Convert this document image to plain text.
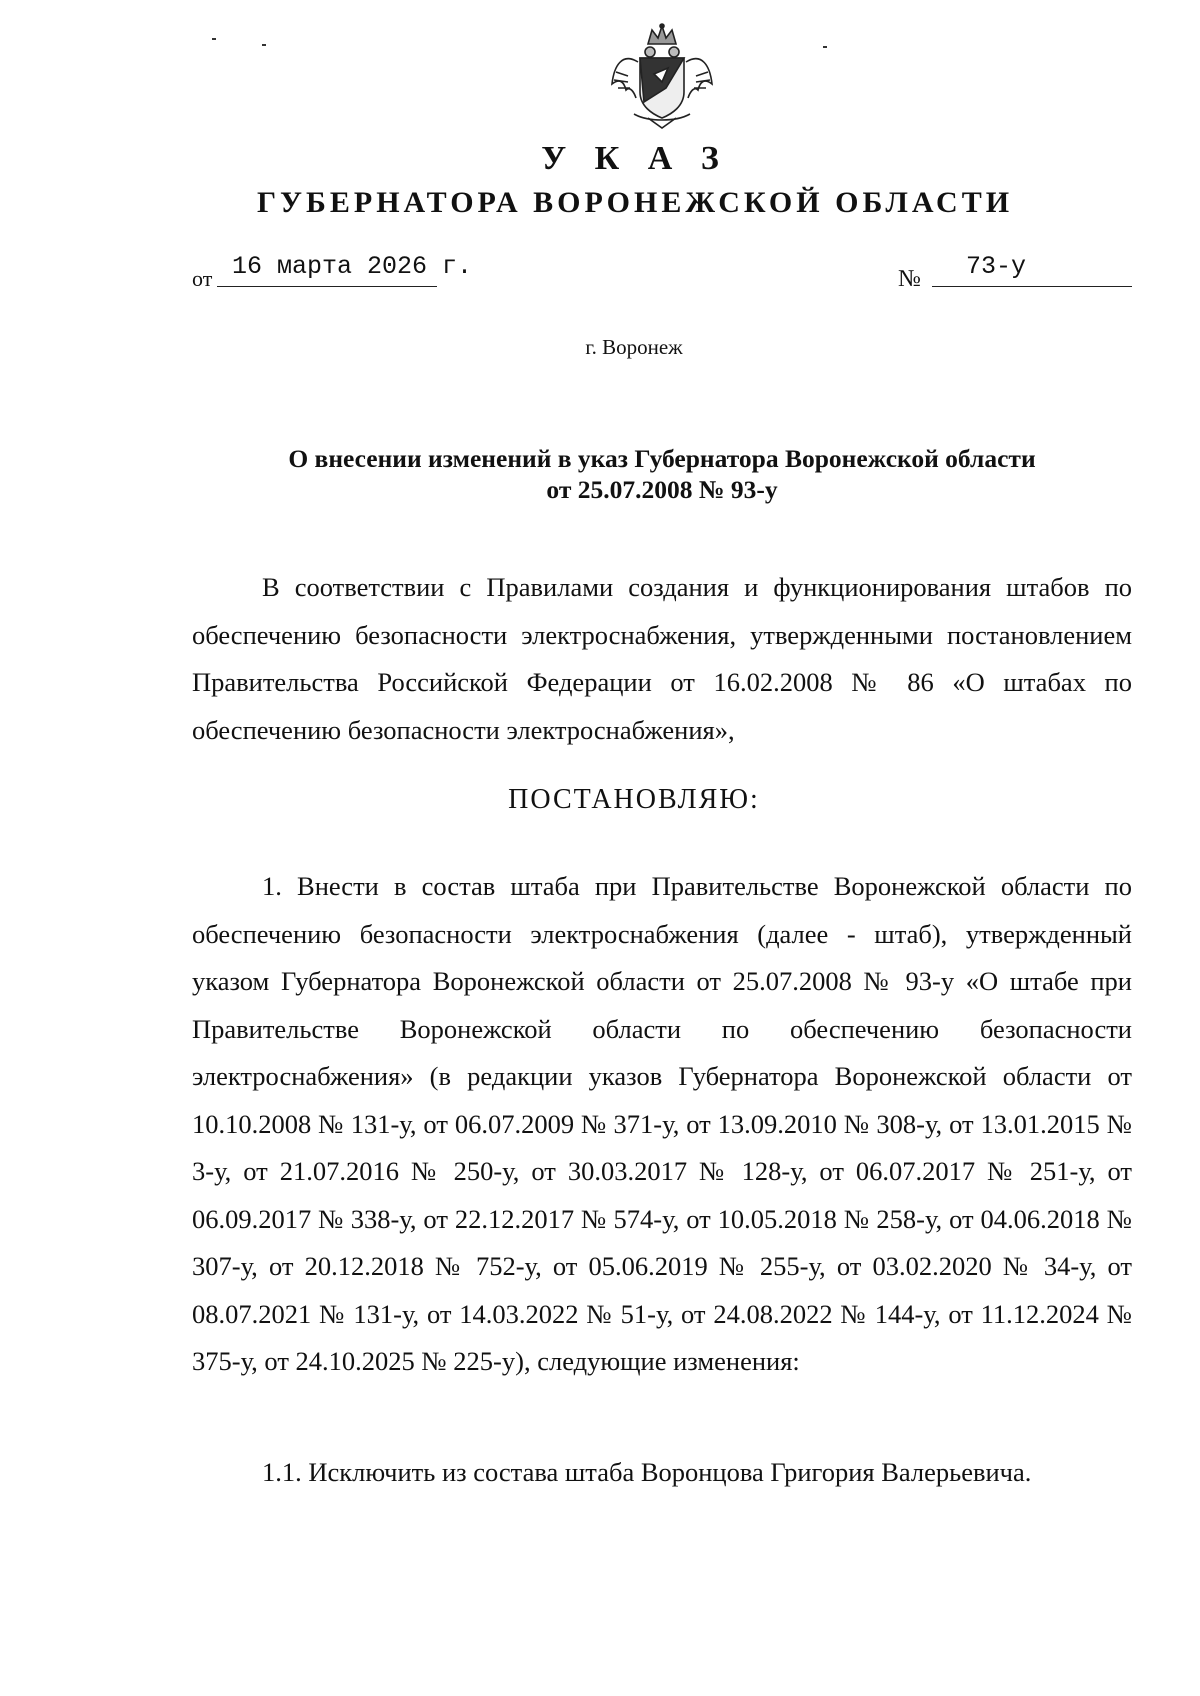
У К А З
ГУБЕРНАТОРА ВОРОНЕЖСКОЙ ОБЛАСТИ
от 16 марта 2026 г.	№ 73-у
г. Воронеж
О внесении изменений в указ Губернатора Воронежской области
от 25.07.2008 № 93-у
В соответствии с Правилами создания и функционирования штабов по обеспечению безопасности электроснабжения, утвержденными постановлением Правительства Российской Федерации от 16.02.2008 № 86 «О штабах по обеспечению безопасности электроснабжения»,
ПОСТАНОВЛЯЮ:
1. Внести в состав штаба при Правительстве Воронежской области по обеспечению безопасности электроснабжения (далее - штаб), утвержденный указом Губернатора Воронежской области от 25.07.2008 № 93-у «О штабе при Правительстве Воронежской области по обеспечению безопасности электроснабжения» (в редакции указов Губернатора Воронежской области от 10.10.2008 № 131-у, от 06.07.2009 № 371-у, от 13.09.2010 № 308-у, от 13.01.2015 № 3-у, от 21.07.2016 № 250-у, от 30.03.2017 № 128-у, от 06.07.2017 № 251-у, от 06.09.2017 № 338-у, от 22.12.2017 № 574-у, от 10.05.2018 № 258-у, от 04.06.2018 № 307-у, от 20.12.2018 № 752-у, от 05.06.2019 № 255-у, от 03.02.2020 № 34-у, от 08.07.2021 № 131-у, от 14.03.2022 № 51-у, от 24.08.2022 № 144-у, от 11.12.2024 № 375-у, от 24.10.2025 № 225-у), следующие изменения:
1.1. Исключить из состава штаба Воронцова Григория Валерьевича.
